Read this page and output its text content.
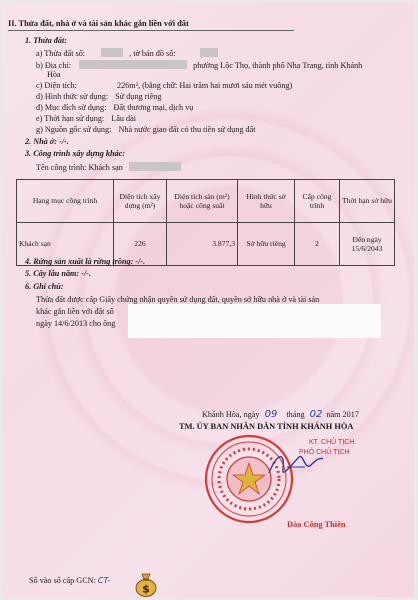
II. Thửa đất, nhà ở và tài sản khác gắn liền với đất
1. Thửa đất:
a) Thửa đất số:	, tờ bản đồ số:
b) Địa chỉ:	phường Lộc Thọ, thành phố Nha Trang, tỉnh Khánh
Hòa
c) Diện tích:	226m², (bằng chữ: Hai trăm hai mươi sáu mét vuông)
d) Hình thức sử dụng: Sử dụng riêng
đ) Mục đích sử dụng: Đất thương mại, dịch vụ
e) Thời hạn sử dụng: Lâu dài
g) Nguồn gốc sử dụng: Nhà nước giao đất có thu tiền sử dụng đất
2. Nhà ở: -/-.
3. Công trình xây dựng khác:
Tên công trình: Khách sạn
Hạng mục công trình	Diện tích xây dựng (m²)	Diện tích sàn (m²) hoặc công suất	Hình thức sở hữu	Cấp công trình	Thời hạn sở hữu
Khách sạn	226	3.877,3	Sở hữu riêng	2	Đến ngày 15/6/2043
4. Rừng sản xuất là rừng trồng: -/-.
5. Cây lâu năm: -/-.
6. Ghi chú:
Thửa đất được cấp Giấy chứng nhận quyền sử dụng đất, quyền sở hữu nhà ở và tài sản
khác gắn liền với đất số
ngày 14/6/2013 cho ông
Khánh Hòa, ngày 09 tháng 02 năm 2017
TM. ỦY BAN NHÂN DÂN TỈNH KHÁNH HÒA
KT. CHỦ TỊCH
PHÓ CHỦ TỊCH
Đào Công Thiên
Số vào sổ cấp GCN: CT-
$
